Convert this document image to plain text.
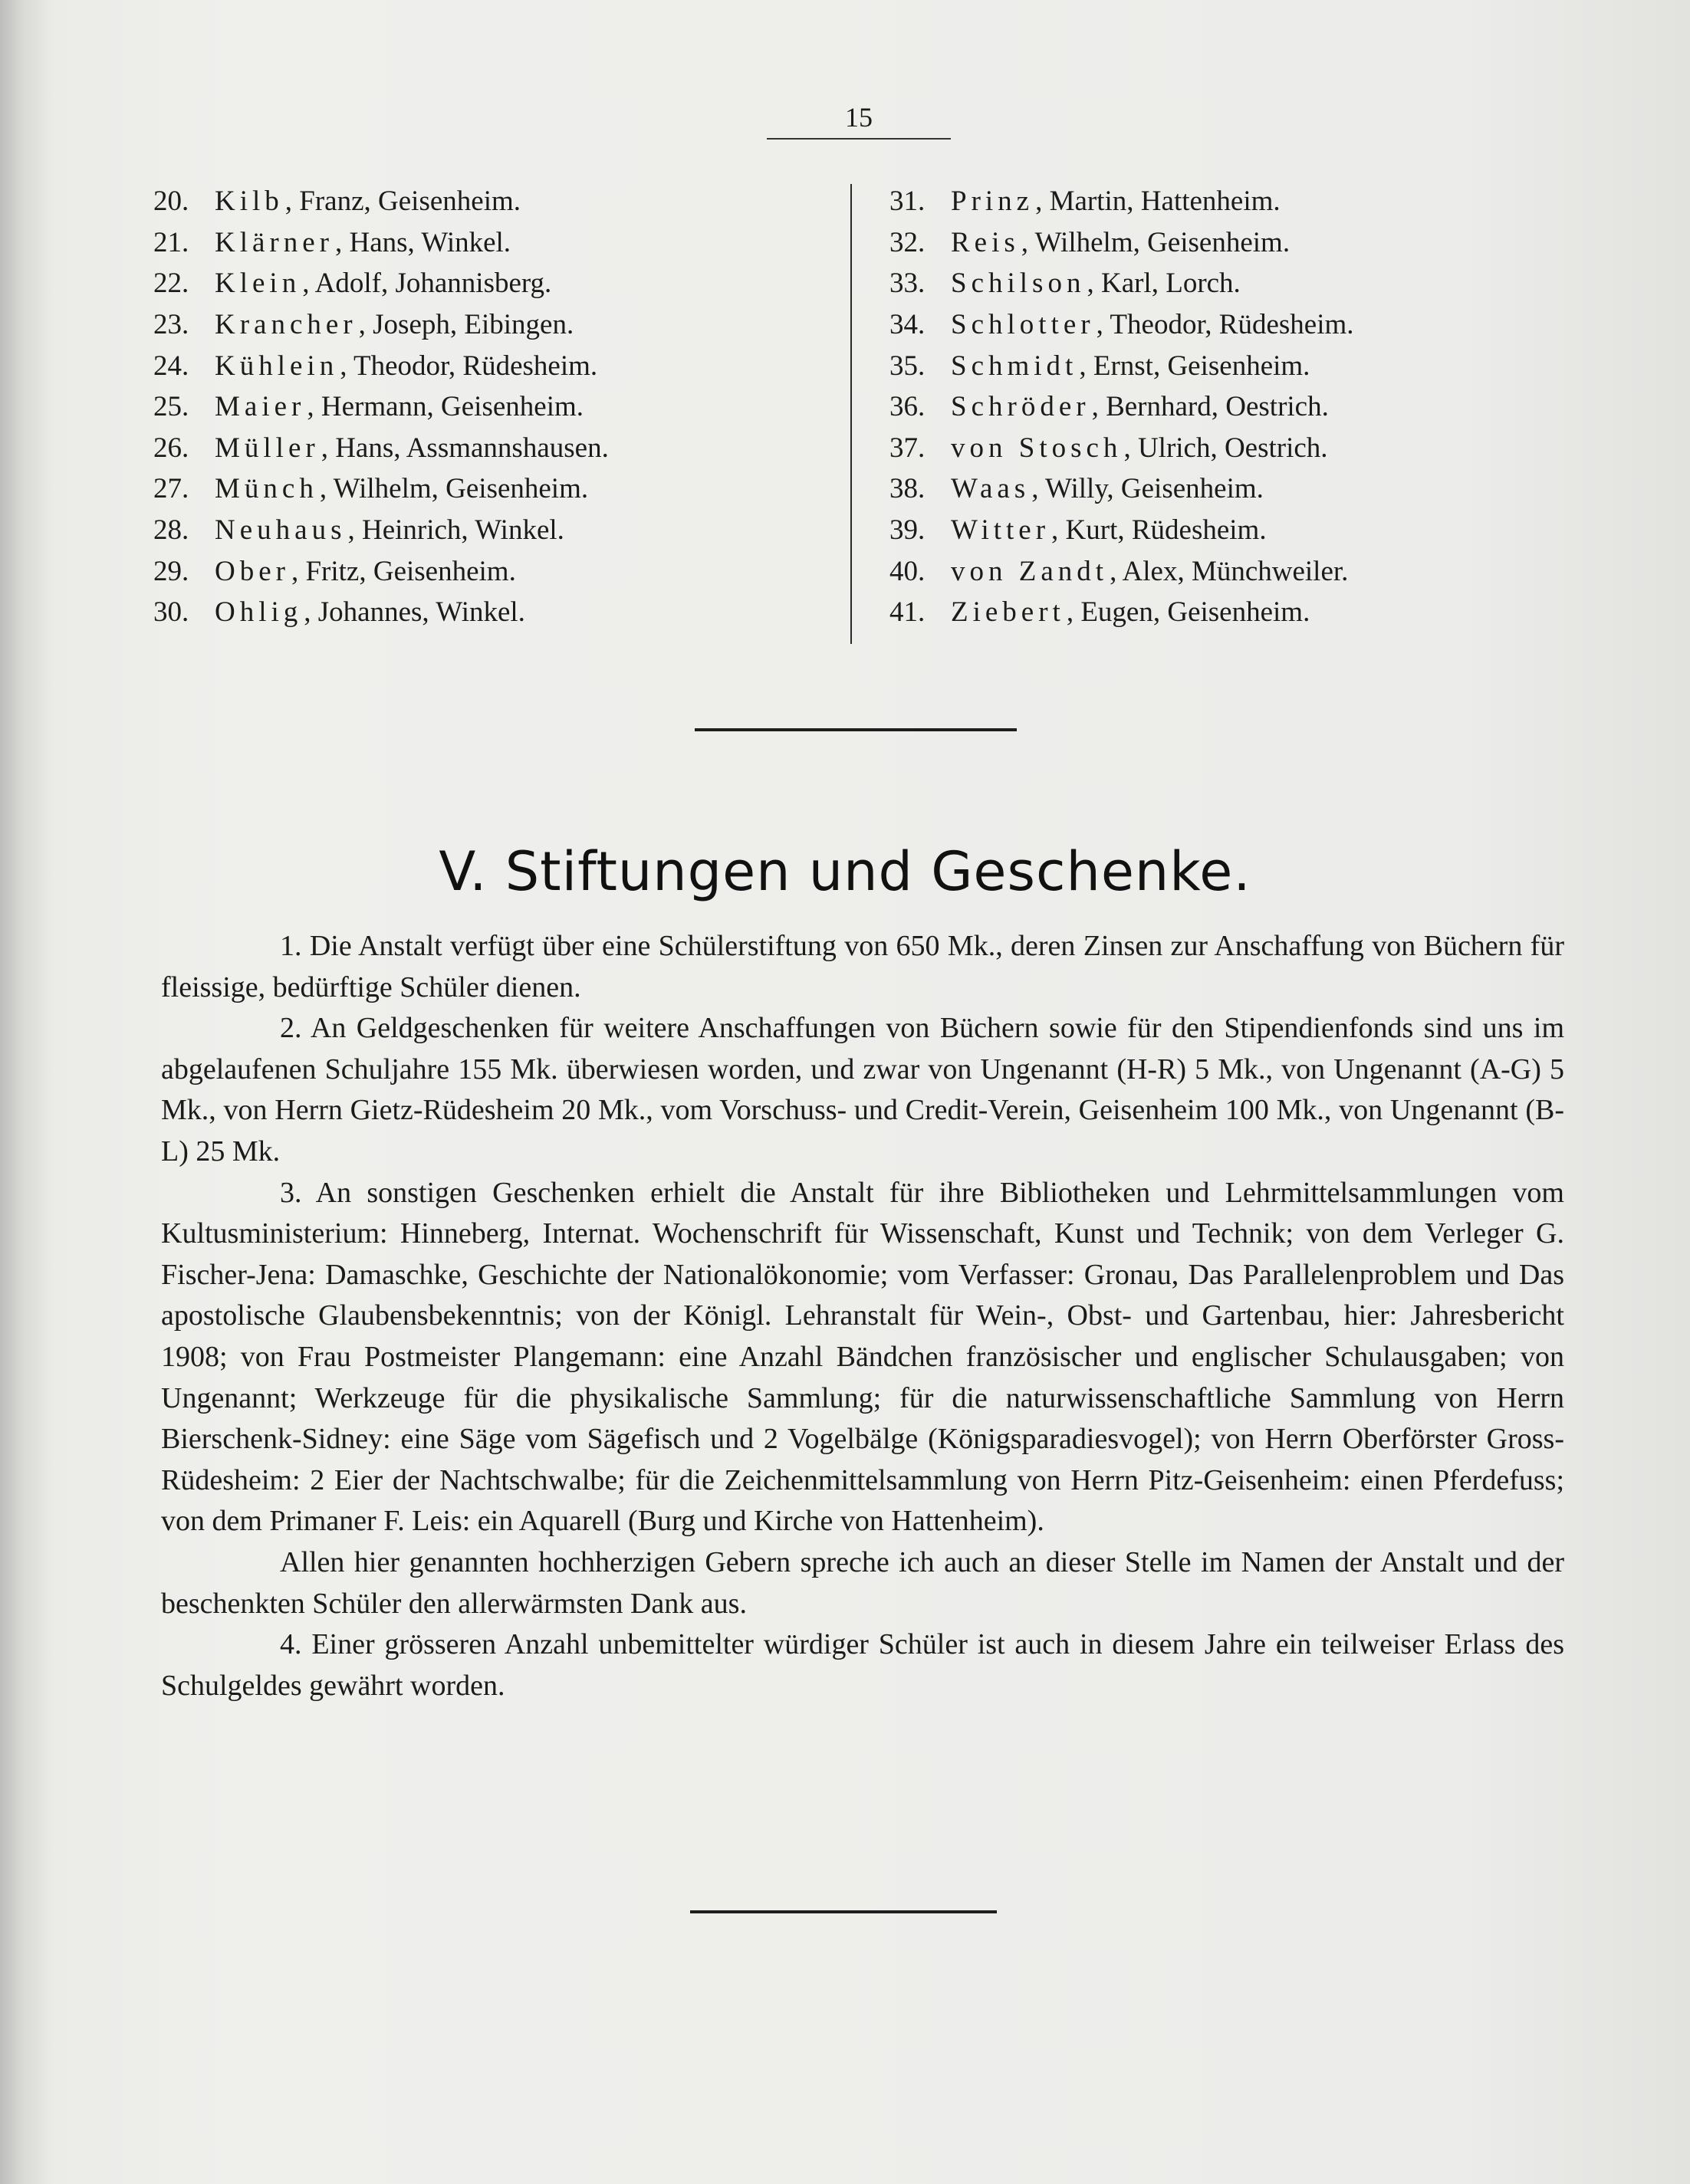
15
20. Kilb , Franz, Geisenheim.
21. Klärner , Hans, Winkel.
22. Klein , Adolf, Johannisberg.
23. Krancher , Joseph, Eibingen.
24. Kühlein , Theodor, Rüdesheim.
25. Maier , Hermann, Geisenheim.
26. Müller , Hans, Assmannshausen.
27. Münch , Wilhelm, Geisenheim.
28. Neuhaus , Heinrich, Winkel.
29. Ober , Fritz, Geisenheim.
30. Ohlig , Johannes, Winkel.
31. Prinz , Martin, Hattenheim.
32. Reis , Wilhelm, Geisenheim.
33. Schilson , Karl, Lorch.
34. Schlotter , Theodor, Rüdesheim.
35. Schmidt , Ernst, Geisenheim.
36. Schröder , Bernhard, Oestrich.
37. von Stosch , Ulrich, Oestrich.
38. Waas , Willy, Geisenheim.
39. Witter , Kurt, Rüdesheim.
40. von Zandt , Alex, Münchweiler.
41. Ziebert , Eugen, Geisenheim.
V. Stiftungen und Geschenke.

1. Die Anstalt verfügt über eine Schülerstiftung von 650 Mk., deren Zinsen zur Anschaffung von Büchern für fleissige, bedürftige Schüler dienen.

2. An Geldgeschenken für weitere Anschaffungen von Büchern sowie für den Stipendienfonds sind uns im abgelaufenen Schuljahre 155 Mk. überwiesen worden, und zwar von Ungenannt (H-R) 5 Mk., von Ungenannt (A-G) 5 Mk., von Herrn Gietz-Rüdesheim 20 Mk., vom Vorschuss- und Credit-Verein, Geisenheim 100 Mk., von Ungenannt (B-L) 25 Mk.

3. An sonstigen Geschenken erhielt die Anstalt für ihre Bibliotheken und Lehrmittelsammlungen vom Kultusministerium: Hinneberg, Internat. Wochenschrift für Wissenschaft, Kunst und Technik; von dem Verleger G. Fischer-Jena: Damaschke, Geschichte der Nationalökonomie; vom Verfasser: Gronau, Das Parallelenproblem und Das apostolische Glaubensbekenntnis; von der Königl. Lehranstalt für Wein-, Obst- und Gartenbau, hier: Jahresbericht 1908; von Frau Postmeister Plangemann: eine Anzahl Bändchen französischer und englischer Schulausgaben; von Ungenannt; Werkzeuge für die physikalische Sammlung; für die naturwissenschaftliche Sammlung von Herrn Bierschenk-Sidney: eine Säge vom Sägefisch und 2 Vogelbälge (Königsparadiesvogel); von Herrn Oberförster Gross-Rüdesheim: 2 Eier der Nachtschwalbe; für die Zeichenmittelsammlung von Herrn Pitz-Geisenheim: einen Pferdefuss; von dem Primaner F. Leis: ein Aquarell (Burg und Kirche von Hattenheim).

Allen hier genannten hochherzigen Gebern spreche ich auch an dieser Stelle im Namen der Anstalt und der beschenkten Schüler den allerwärmsten Dank aus.

4. Einer grösseren Anzahl unbemittelter würdiger Schüler ist auch in diesem Jahre ein teilweiser Erlass des Schulgeldes gewährt worden.
